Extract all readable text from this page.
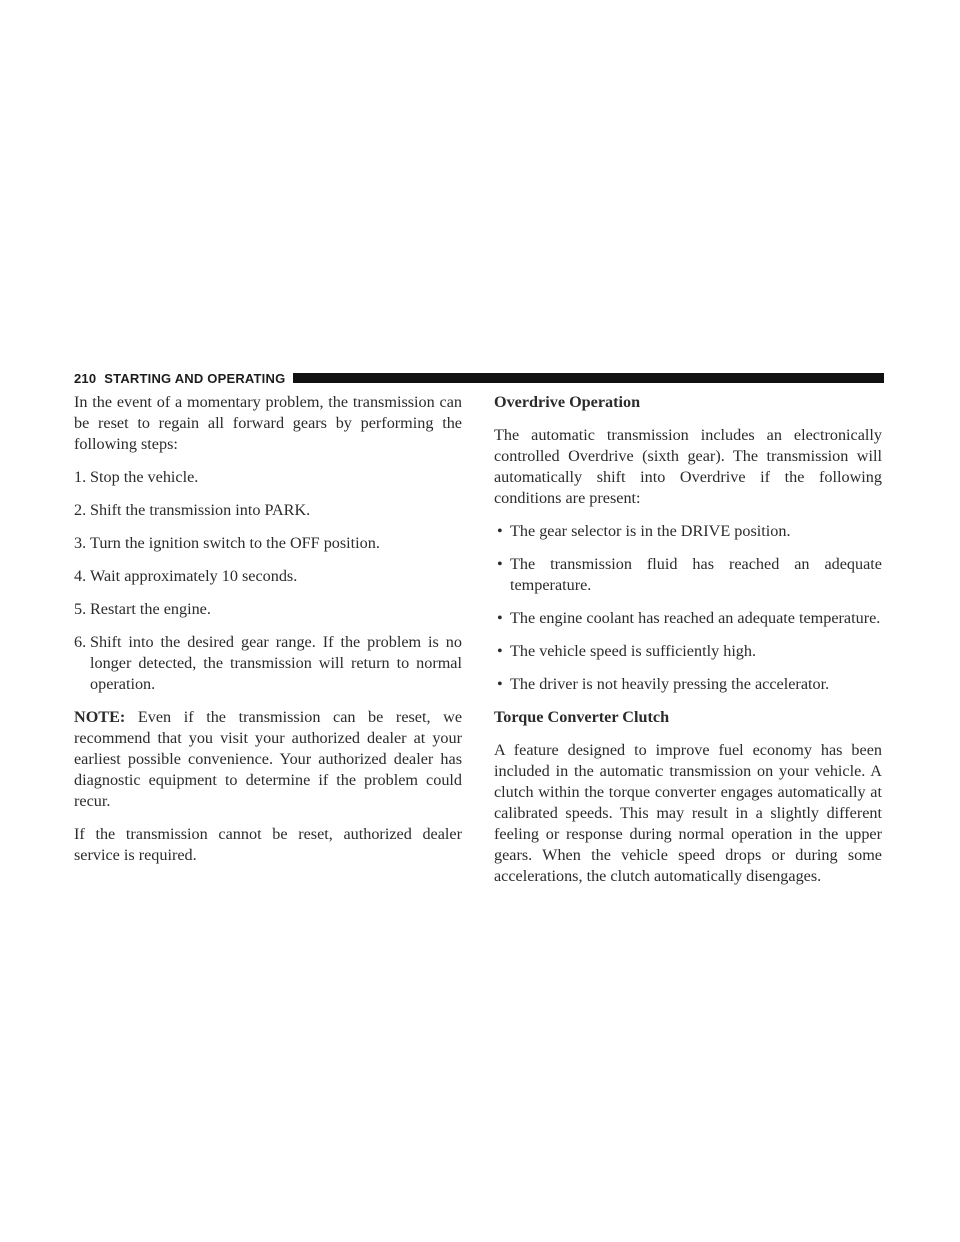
210 STARTING AND OPERATING

In the event of a momentary problem, the transmission can be reset to regain all forward gears by performing the following steps:

1. Stop the vehicle.
2. Shift the transmission into PARK.
3. Turn the ignition switch to the OFF position.
4. Wait approximately 10 seconds.
5. Restart the engine.
6. Shift into the desired gear range. If the problem is no longer detected, the transmission will return to normal operation.

NOTE: Even if the transmission can be reset, we recommend that you visit your authorized dealer at your earliest possible convenience. Your authorized dealer has diagnostic equipment to determine if the problem could recur.

If the transmission cannot be reset, authorized dealer service is required.

Overdrive Operation

The automatic transmission includes an electronically controlled Overdrive (sixth gear). The transmission will automatically shift into Overdrive if the following conditions are present:

• The gear selector is in the DRIVE position.
• The transmission fluid has reached an adequate temperature.
• The engine coolant has reached an adequate temperature.
• The vehicle speed is sufficiently high.
• The driver is not heavily pressing the accelerator.
Torque Converter Clutch

A feature designed to improve fuel economy has been included in the automatic transmission on your vehicle. A clutch within the torque converter engages automatically at calibrated speeds. This may result in a slightly different feeling or response during normal operation in the upper gears. When the vehicle speed drops or during some accelerations, the clutch automatically disengages.
